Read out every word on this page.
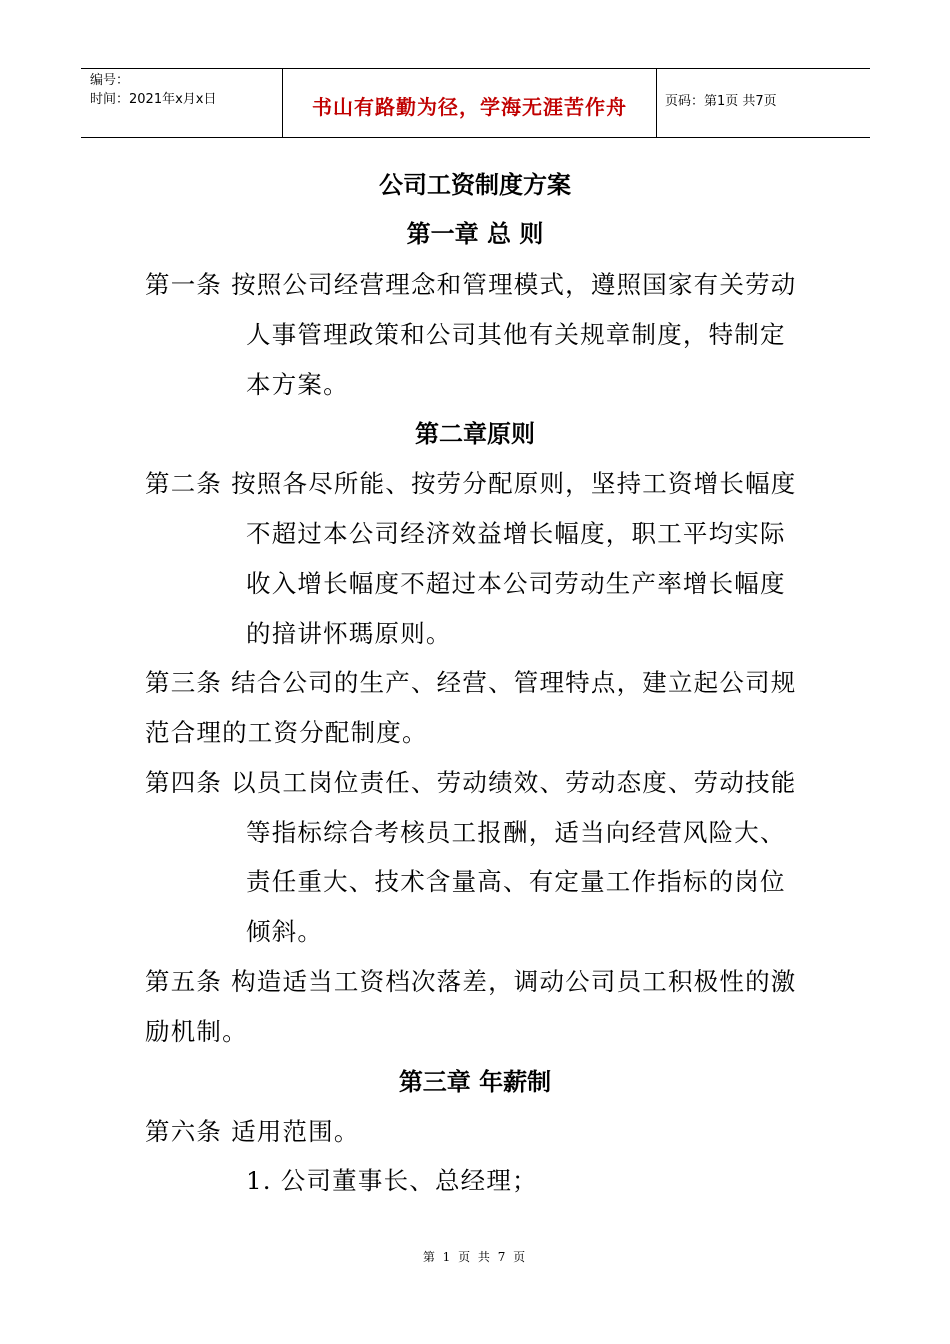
编号：
时间：2021年x月x日	书山有路勤为径，学海无涯苦作舟	页码：第1页 共7页
公司工资制度方案
第一章 总 则
第一条 按照公司经营理念和管理模式，遵照国家有关劳动
人事管理政策和公司其他有关规章制度，特制定
本方案。
第二章原则
第二条 按照各尽所能、按劳分配原则，坚持工资增长幅度
不超过本公司经济效益增长幅度，职工平均实际
收入增长幅度不超过本公司劳动生产率增长幅度
的揞讲怀瑪原则。
第三条 结合公司的生产、经营、管理特点，建立起公司规
范合理的工资分配制度。
第四条 以员工岗位责任、劳动绩效、劳动态度、劳动技能
等指标综合考核员工报酬，适当向经营风险大、
责任重大、技术含量高、有定量工作指标的岗位
倾斜。
第五条 构造适当工资档次落差，调动公司员工积极性的激
励机制。
第三章 年薪制
第六条 适用范围。
1. 公司董事长、总经理；
第 1 页 共 7 页
